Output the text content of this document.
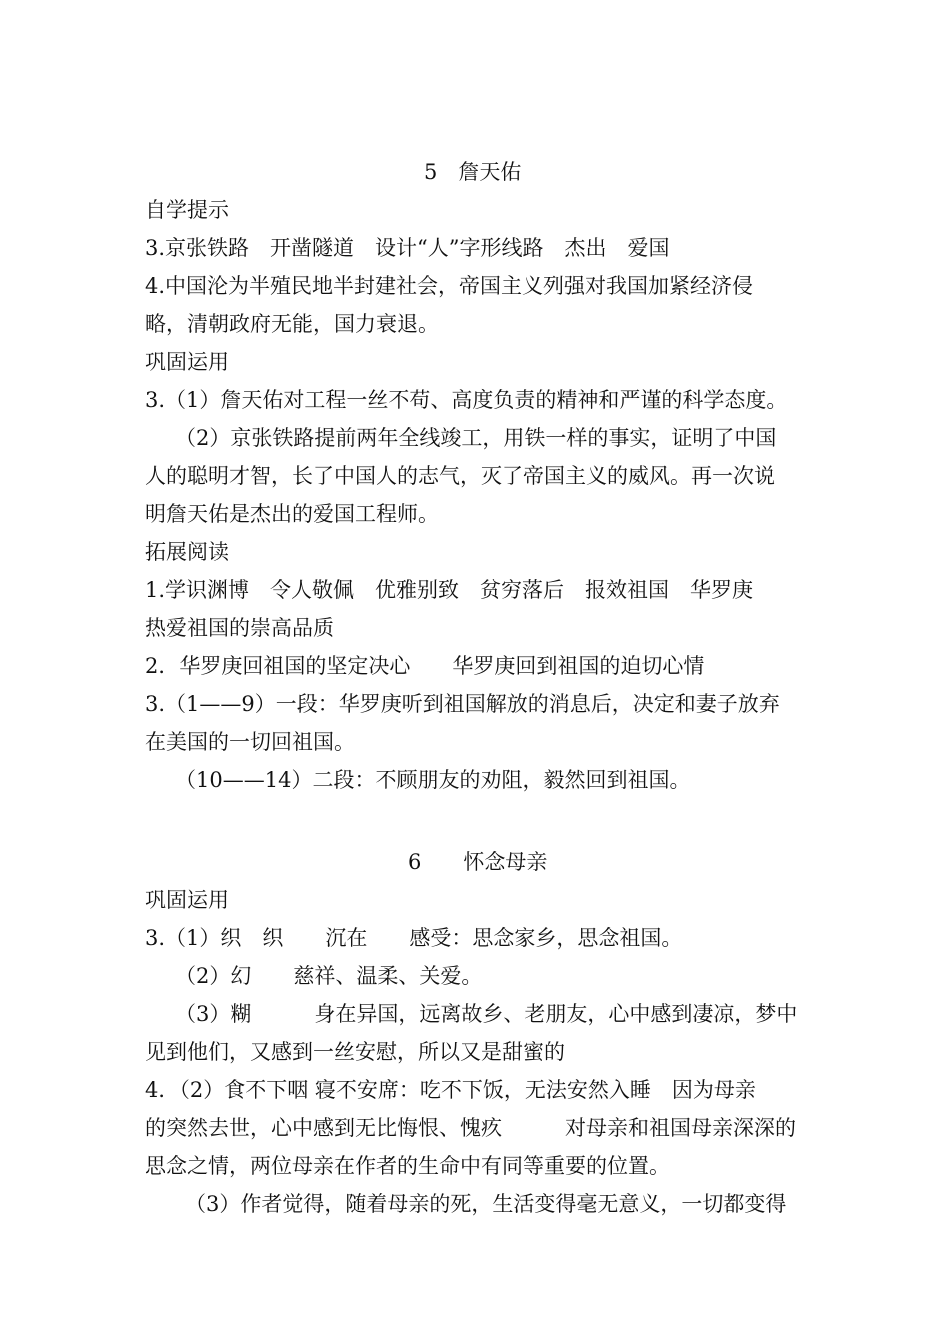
5　詹天佑
自学提示
3.京张铁路　开凿隧道　设计“人”字形线路　杰出　爱国
4.中国沦为半殖民地半封建社会，帝国主义列强对我国加紧经济侵
略，清朝政府无能，国力衰退。
巩固运用
3.（1）詹天佑对工程一丝不苟、高度负责的精神和严谨的科学态度。
（2）京张铁路提前两年全线竣工，用铁一样的事实，证明了中国
人的聪明才智，长了中国人的志气，灭了帝国主义的威风。再一次说
明詹天佑是杰出的爱国工程师。
拓展阅读
1.学识渊博　令人敬佩　优雅别致　贫穷落后　报效祖国　华罗庚
热爱祖国的崇高品质
2．华罗庚回祖国的坚定决心　　华罗庚回到祖国的迫切心情
3.（1——9）一段：华罗庚听到祖国解放的消息后，决定和妻子放弃
在美国的一切回祖国。
（10——14）二段：不顾朋友的劝阻，毅然回到祖国。
6　　怀念母亲
巩固运用
3.（1）织　织　　沉在　　感受：思念家乡，思念祖国。
（2）幻　　慈祥、温柔、关爱。
（3）糊　　　身在异国，远离故乡、老朋友，心中感到凄凉，梦中
见到他们，又感到一丝安慰，所以又是甜蜜的
4．（2）食不下咽 寝不安席：吃不下饭，无法安然入睡　因为母亲
的突然去世，心中感到无比悔恨、愧疚　　　对母亲和祖国母亲深深的
思念之情，两位母亲在作者的生命中有同等重要的位置。
（3）作者觉得，随着母亲的死，生活变得毫无意义，一切都变得
